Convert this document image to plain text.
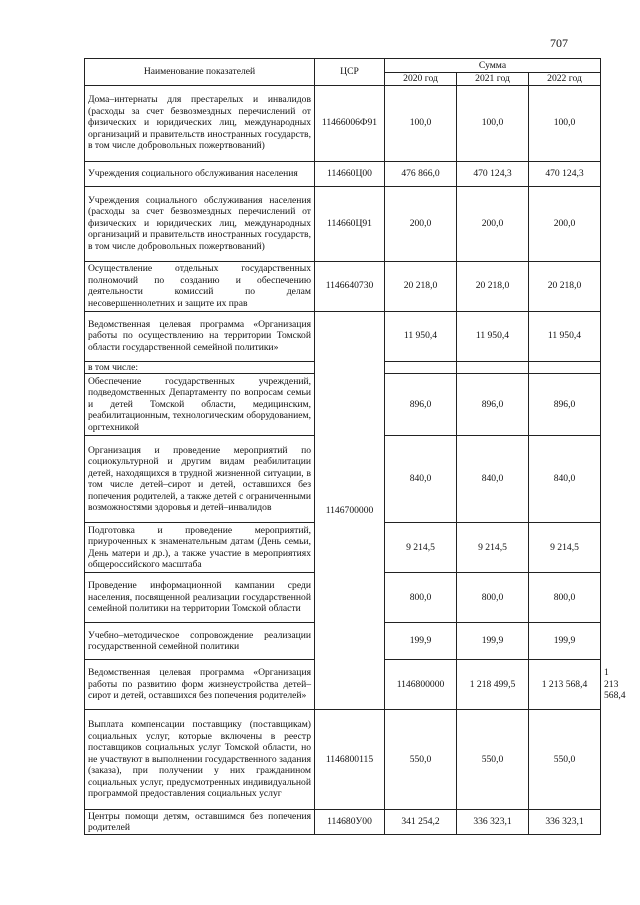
707
Наименование показателей	ЦСР	Сумма			
		2020 год	2021 год	2022 год	
Дома–интернаты для престарелых и инвалидов (расходы за счет безвозмездных перечислений от физических и юридических лиц, международных организаций и правительств иностранных государств, в том числе добровольных пожертвований)	11466006Ф91	100,0	100,0	100,0	
Учреждения социального обслуживания населения	114660Ц00	476 866,0	470 124,3	470 124,3	
Учреждения социального обслуживания населения (расходы за счет безвозмездных перечислений от физических и юридических лиц, международных организаций и правительств иностранных государств, в том числе добровольных пожертвований)	114660Ц91	200,0	200,0	200,0	
Осуществление отдельных государственных полномочий по созданию и обеспечению деятельности комиссий по делам несовершеннолетних и защите их прав	1146640730	20 218,0	20 218,0	20 218,0	
Ведомственная целевая программа «Организация работы по осуществлению на территории Томской области государственной семейной политики»	1146700000	11 950,4	11 950,4	11 950,4	
в том числе:					
Обеспечение государственных учреждений, подведомственных Департаменту по вопросам семьи и детей Томской области, медицинским, реабилитационным, технологическим оборудованием, оргтехникой		896,0	896,0	896,0	
Организация и проведение мероприятий по социокультурной и другим видам реабилитации детей, находящихся в трудной жизненной ситуации, в том числе детей–сирот и детей, оставшихся без попечения родителей, а также детей с ограниченными возможностями здоровья и детей–инвалидов		840,0	840,0	840,0	
Подготовка и проведение мероприятий, приуроченных к знаменательным датам (День семьи, День матери и др.), а также участие в мероприятиях общероссийского масштаба		9 214,5	9 214,5	9 214,5	
Проведение информационной кампании среди населения, посвященной реализации государственной семейной политики на территории Томской области		800,0	800,0	800,0	
Учебно–методическое сопровождение реализации государственной семейной политики		199,9	199,9	199,9	
Ведомственная целевая программа «Организация работы по развитию форм жизнеустройства детей–сирот и детей, оставшихся без попечения родителей»		1146800000	1 218 499,5	1 213 568,4	1 213 568,4
Выплата компенсации поставщику (поставщикам) социальных услуг, которые включены в реестр поставщиков социальных услуг Томской области, но не участвуют в выполнении государственного задания (заказа), при получении у них гражданином социальных услуг, предусмотренных индивидуальной программой предоставления социальных услуг	1146800115	550,0	550,0	550,0	
Центры помощи детям, оставшимся без попечения родителей	114680У00	341 254,2	336 323,1	336 323,1	
